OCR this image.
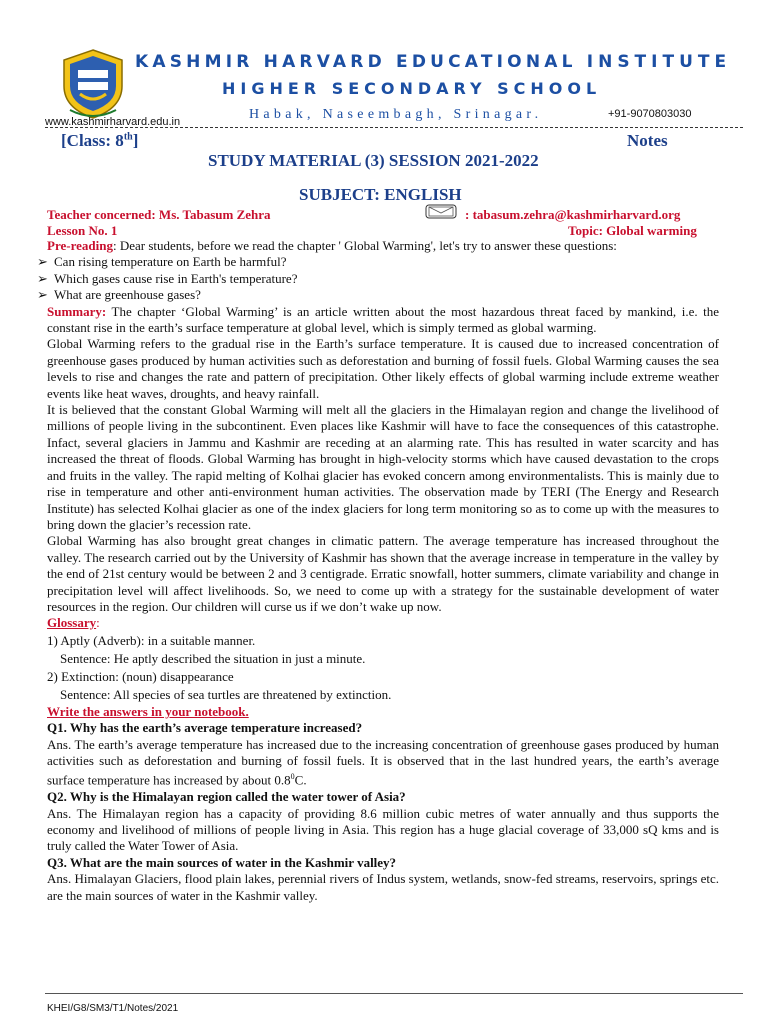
KASHMIR HARVARD EDUCATIONAL INSTITUTE
HIGHER SECONDARY SCHOOL
Habak, Naseembagh, Srinagar.	+91-9070803030
www.kashmirharvard.edu.in
[Class: 8th]	Notes
STUDY MATERIAL (3) SESSION 2021-2022
SUBJECT: ENGLISH
Teacher concerned: Ms. Tabasum Zehra	: tabasum.zehra@kashmirharvard.org
Lesson No. 1	Topic: Global warming

Pre-reading: Dear students, before we read the chapter ' Global Warming', let's try to answer these questions:

➢ Can rising temperature on Earth be harmful?

➢ Which gases cause rise in Earth's temperature?

➢ What are greenhouse gases?

Summary: The chapter ‘Global Warming’ is an article written about the most hazardous threat faced by mankind, i.e. the constant rise in the earth’s surface temperature at global level, which is simply termed as global warming.

Global Warming refers to the gradual rise in the Earth’s surface temperature. It is caused due to increased concentration of greenhouse gases produced by human activities such as deforestation and burning of fossil fuels. Global Warming causes the sea levels to rise and changes the rate and pattern of precipitation. Other likely effects of global warming include extreme weather events like heat waves, droughts, and heavy rainfall.

It is believed that the constant Global Warming will melt all the glaciers in the Himalayan region and change the livelihood of millions of people living in the subcontinent. Even places like Kashmir will have to face the consequences of this catastrophe. Infact, several glaciers in Jammu and Kashmir are receding at an alarming rate. This has resulted in water scarcity and has increased the threat of floods. Global Warming has brought in high-velocity storms which have caused devastation to the crops and fruits in the valley. The rapid melting of Kolhai glacier has evoked concern among environmentalists. This is mainly due to rise in temperature and other anti-environment human activities. The observation made by TERI (The Energy and Research Institute) has selected Kolhai glacier as one of the index glaciers for long term monitoring so as to come up with the measures to bring down the glacier’s recession rate.

Global Warming has also brought great changes in climatic pattern. The average temperature has increased throughout the valley. The research carried out by the University of Kashmir has shown that the average increase in temperature in the valley by the end of 21st century would be between 2 and 3 centigrade. Erratic snowfall, hotter summers, climate variability and change in precipitation level will affect livelihoods. So, we need to come up with a strategy for the sustainable development of water resources in the region. Our children will curse us if we don’t wake up now.

Glossary:

1) Aptly (Adverb): in a suitable manner.

Sentence: He aptly described the situation in just a minute.

2) Extinction: (noun) disappearance

Sentence: All species of sea turtles are threatened by extinction.

Write the answers in your notebook.

Q1. Why has the earth’s average temperature increased?

Ans. The earth’s average temperature has increased due to the increasing concentration of greenhouse gases produced by human activities such as deforestation and burning of fossil fuels. It is observed that in the last hundred years, the earth’s average surface temperature has increased by about $0.8^0C$.

Q2. Why is the Himalayan region called the water tower of Asia?

Ans. The Himalayan region has a capacity of providing 8.6 million cubic metres of water annually and thus supports the economy and livelihood of millions of people living in Asia. This region has a huge glacial coverage of 33,000 sQ kms and is truly called the Water Tower of Asia.

Q3. What are the main sources of water in the Kashmir valley?

Ans. Himalayan Glaciers, flood plain lakes, perennial rivers of Indus system, wetlands, snow-fed streams, reservoirs, springs etc. are the main sources of water in the Kashmir valley.

KHEI/G8/SM3/T1/Notes/2021
